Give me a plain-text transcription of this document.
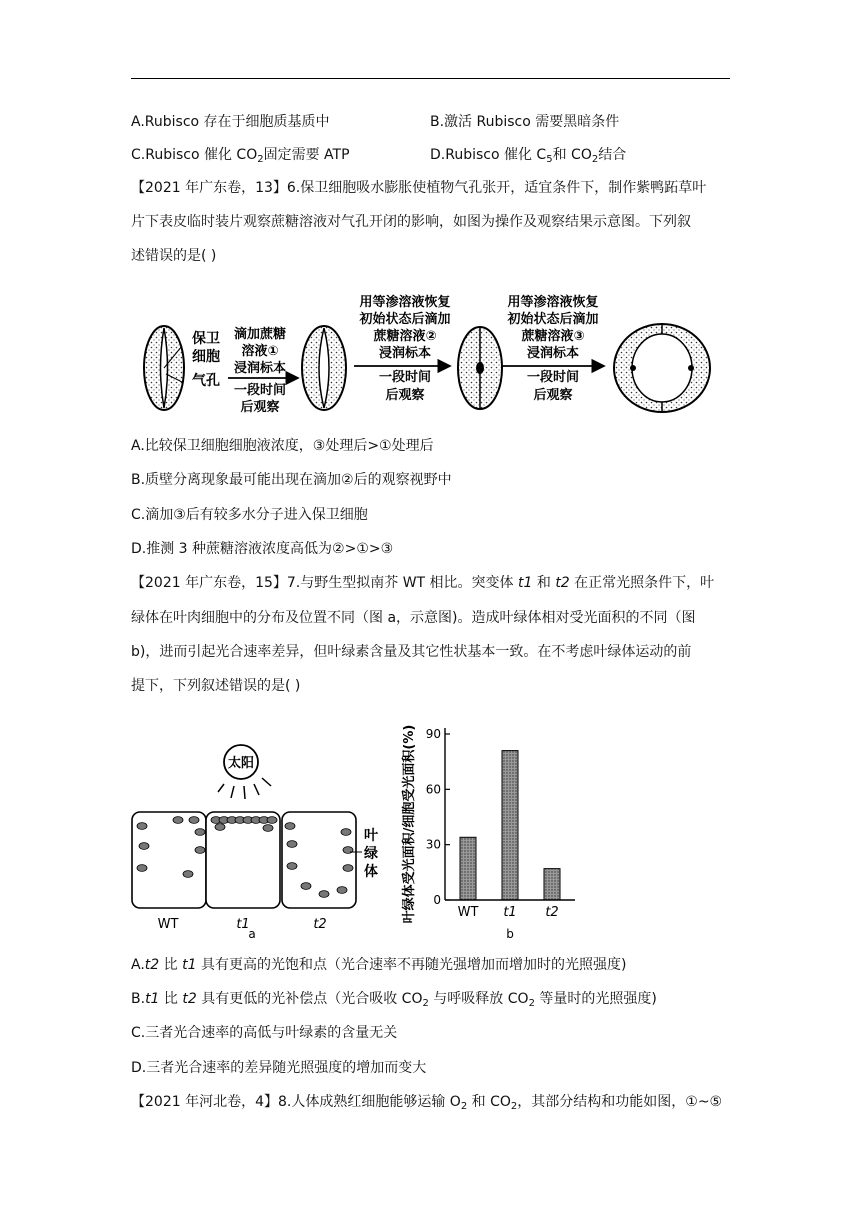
A.Rubisco 存在于细胞质基质中	B.激活 Rubisco 需要黑暗条件
C.Rubisco 催化 $CO_2$固定需要 ATP	D.Rubisco 催化 $C_5$和 $CO_2$结合
【2021 年广东卷，13】6.保卫细胞吸水膨胀使植物气孔张开，适宜条件下，制作紫鸭跖草叶
片下表皮临时装片观察蔗糖溶液对气孔开闭的影响，如图为操作及观察结果示意图。下列叙
述错误的是( )
保卫
细胞
气孔
滴加蔗糖
溶液①
浸润标本
一段时间
后观察
用等渗溶液恢复
初始状态后滴加
蔗糖溶液②
浸润标本
一段时间
后观察
用等渗溶液恢复
初始状态后滴加
蔗糖溶液③
浸润标本
一段时间
后观察
A.比较保卫细胞细胞液浓度，③处理后>①处理后
B.质壁分离现象最可能出现在滴加②后的观察视野中
C.滴加③后有较多水分子进入保卫细胞
D.推测 3 种蔗糖溶液浓度高低为②>①>③
【2021 年广东卷，15】7.与野生型拟南芥 WT 相比。突变体 t1 和 t2 在正常光照条件下，叶
绿体在叶肉细胞中的分布及位置不同（图 a，示意图)。造成叶绿体相对受光面积的不同（图
b)，进而引起光合速率差异，但叶绿素含量及其它性状基本一致。在不考虑叶绿体运动的前
提下，下列叙述错误的是( )
太阳
叶
绿
体
WT	t1	t2
a
叶绿体受光面积/细胞受光面积(%) 0
30
60
90
WT t1 t2
b
A.t2 比 t1 具有更高的光饱和点（光合速率不再随光强增加而增加时的光照强度)
B.t1 比 t2 具有更低的光补偿点（光合吸收 $CO_2$ 与呼吸释放 $CO_2$ 等量时的光照强度)
C.三者光合速率的高低与叶绿素的含量无关
D.三者光合速率的差异随光照强度的增加而变大
【2021 年河北卷，4】8.人体成熟红细胞能够运输 $O_2$ 和 $CO_2$，其部分结构和功能如图，①~⑤
